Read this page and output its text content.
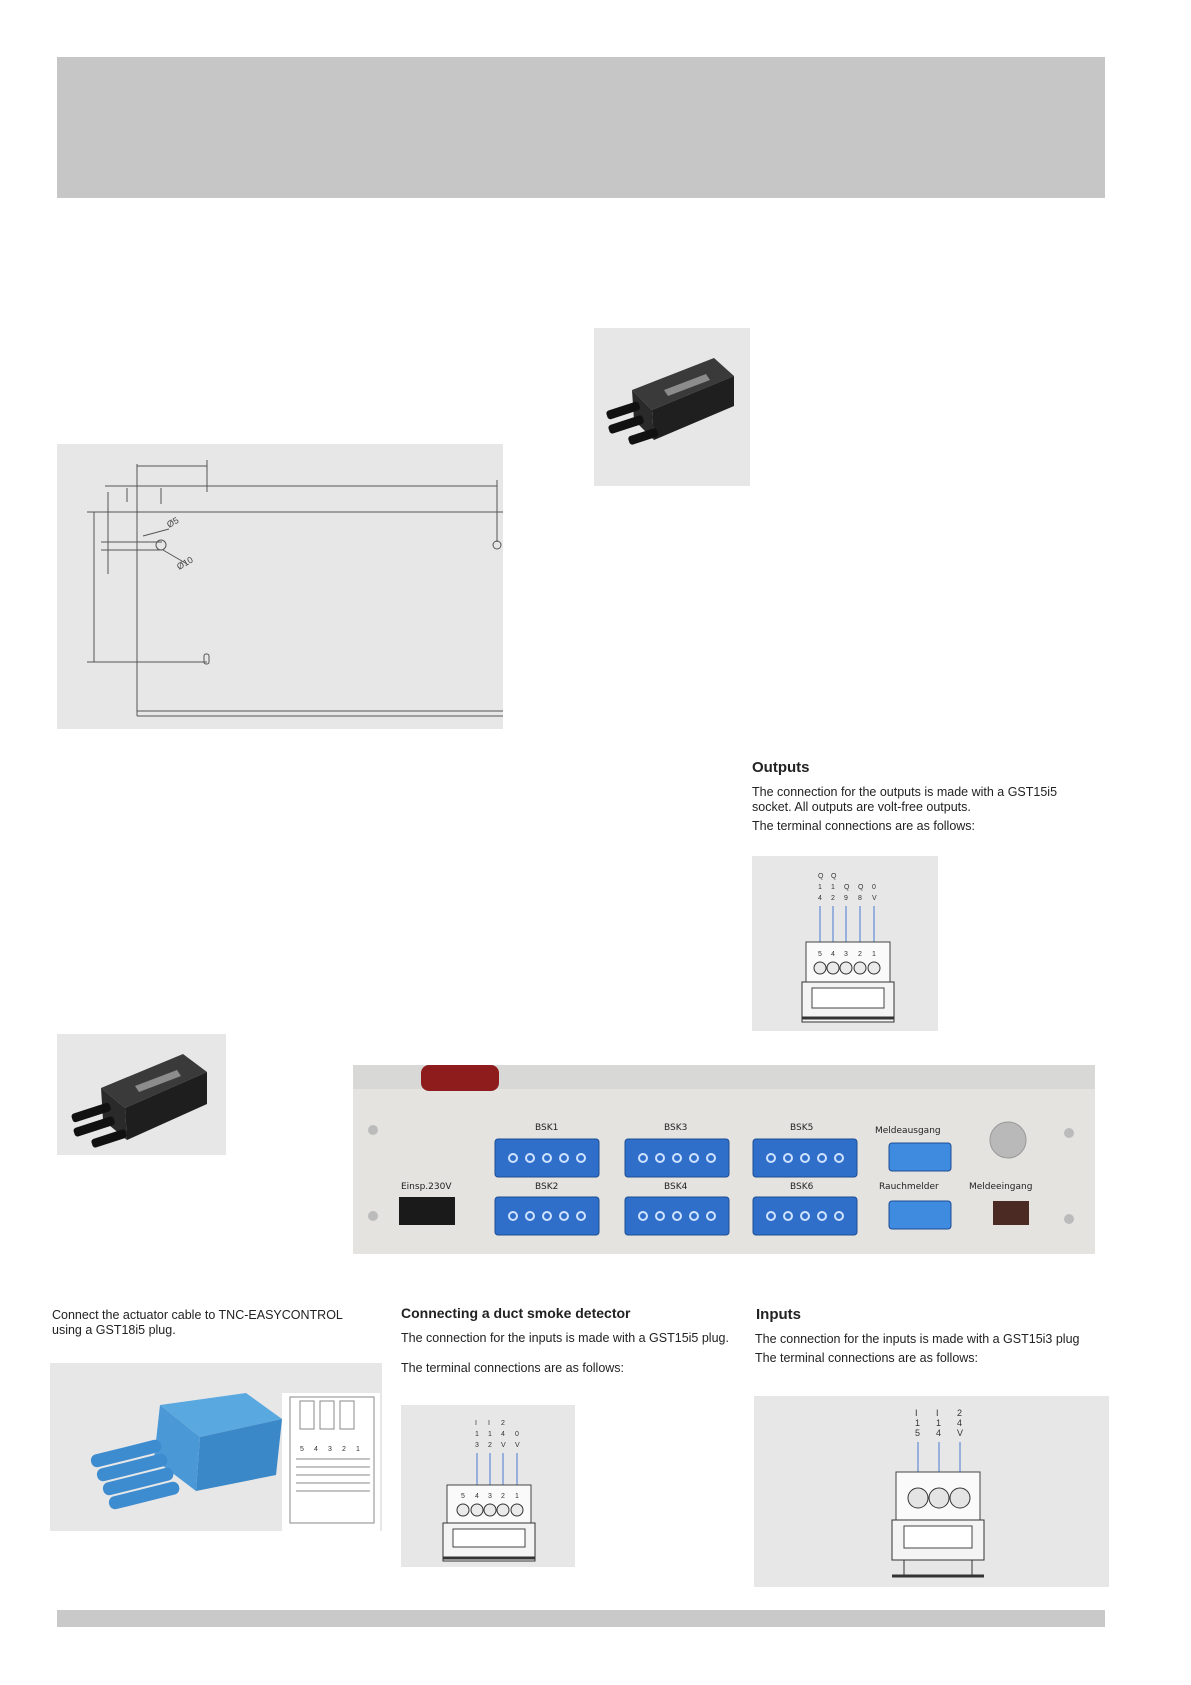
Ø5
Ø10
Outputs
The connection for the outputs is made with a GST15i5
socket. All outputs are volt-free outputs.
The terminal connections are as follows:
Q
1
4
Q
1
2
Q
9
Q
8
0
V
5 4 3 2 1
Einsp.230V
BSK1
BSK2
BSK3
BSK4
BSK5
BSK6
Meldeausgang
Rauchmelder	Meldeeingang
Connect the actuator cable to TNC-EASYCONTROL
using a GST18i5 plug.
5 4 3 2 1
Connecting a duct smoke detector
The connection for the inputs is made with a GST15i5 plug.
The terminal connections are as follows:
I
1
3
I
1
2
2
4
V
0
V
5 4 3 2 1
Inputs
The connection for the inputs is made with a GST15i3 plug
The terminal connections are as follows:
I
1
5
I
1
4
2
4
V
